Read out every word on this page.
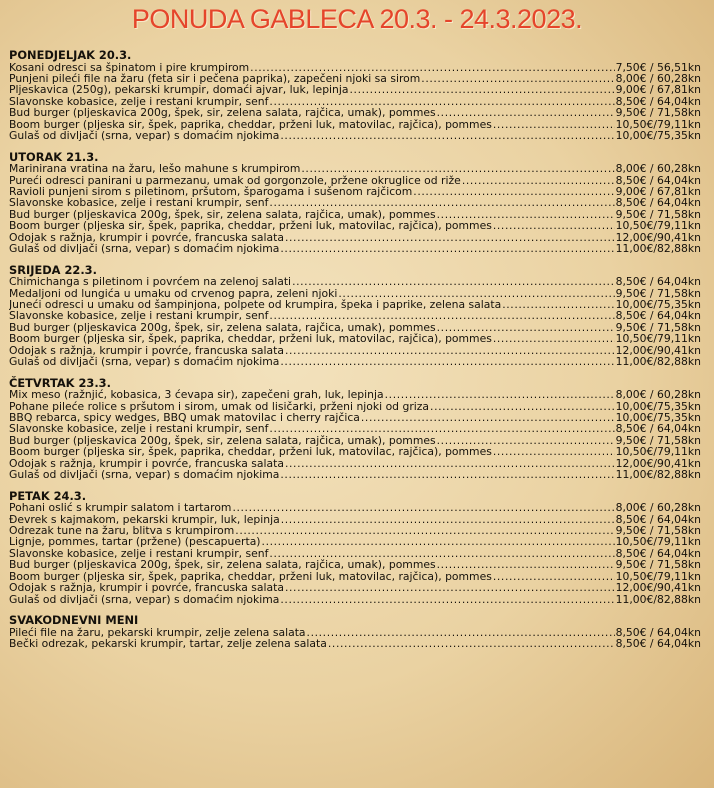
PONUDA GABLECA 20.3. - 24.3.2023.
PONEDJELJAK 20.3.
Kosani odresci sa špinatom i pire krumpirom .....	7,50€ / 56,51kn
Punjeni pileći file na žaru (feta sir i pečena paprika), zapečeni njoki sa sirom .....	8,00€ / 60,28kn
Pljeskavica (250g), pekarski krumpir, domaći ajvar, luk, lepinja .....	9,00€ / 67,81kn
Slavonske kobasice, zelje i restani krumpir, senf .....	8,50€ / 64,04kn
Bud burger (pljeskavica 200g, špek, sir, zelena salata, rajčica, umak), pommes .....	9,50€ / 71,58kn
Boom burger (pljeska sir, špek, paprika, cheddar, prženi luk, matovilac, rajčica), pommes .....	10,50€/79,11kn
Gulaš od divljači (srna, vepar) s domaćim njokima .....	10,00€/75,35kn
UTORAK 21.3.
Marinirana vratina na žaru, lešo mahune s krumpirom .....	8,00€ / 60,28kn
Pureći odresci panirani u parmezanu, umak od gorgonzole, pržene okruglice od riže .....	8,50€ / 64,04kn
Ravioli punjeni sirom s piletinom, pršutom, šparogama i sušenom rajčicom .....	9,00€ / 67,81kn
Slavonske kobasice, zelje i restani krumpir, senf .....	8,50€ / 64,04kn
Bud burger (pljeskavica 200g, špek, sir, zelena salata, rajčica, umak), pommes .....	9,50€ / 71,58kn
Boom burger (pljeska sir, špek, paprika, cheddar, prženi luk, matovilac, rajčica), pommes .....	10,50€/79,11kn
Odojak s ražnja, krumpir i povrće, francuska salata .....	12,00€/90,41kn
Gulaš od divljači (srna, vepar) s domaćim njokima .....	11,00€/82,88kn
SRIJEDA 22.3.
Chimichanga s piletinom i povrćem na zelenoj salati .....	8,50€ / 64,04kn
Medaljoni od lungića u umaku od crvenog papra, zeleni njoki .....	9,50€ / 71,58kn
Juneći odresci u umaku od šampinjona, polpete od krumpira, špeka i paprike, zelena salata .....	10,00€/75,35kn
Slavonske kobasice, zelje i restani krumpir, senf .....	8,50€ / 64,04kn
Bud burger (pljeskavica 200g, špek, sir, zelena salata, rajčica, umak), pommes .....	9,50€ / 71,58kn
Boom burger (pljeska sir, špek, paprika, cheddar, prženi luk, matovilac, rajčica), pommes .....	10,50€/79,11kn
Odojak s ražnja, krumpir i povrće, francuska salata .....	12,00€/90,41kn
Gulaš od divljači (srna, vepar) s domaćim njokima .....	11,00€/82,88kn
ČETVRTAK 23.3.
Mix meso (ražnjić, kobasica, 3 ćevapa sir), zapečeni grah, luk, lepinja .....	8,00€ / 60,28kn
Pohane pileće rolice s pršutom i sirom, umak od lisičarki, prženi njoki od griza .....	10,00€/75,35kn
BBQ rebarca, spicy wedges, BBQ umak matovilac i cherry rajčica .....	10,00€/75,35kn
Slavonske kobasice, zelje i restani krumpir, senf .....	8,50€ / 64,04kn
Bud burger (pljeskavica 200g, špek, sir, zelena salata, rajčica, umak), pommes .....	9,50€ / 71,58kn
Boom burger (pljeska sir, špek, paprika, cheddar, prženi luk, matovilac, rajčica), pommes .....	10,50€/79,11kn
Odojak s ražnja, krumpir i povrće, francuska salata .....	12,00€/90,41kn
Gulaš od divljači (srna, vepar) s domaćim njokima .....	11,00€/82,88kn
PETAK 24.3.
Pohani oslić s krumpir salatom i tartarom .....	8,00€ / 60,28kn
Đevrek s kajmakom, pekarski krumpir, luk, lepinja .....	8,50€ / 64,04kn
Odrezak tune na žaru, blitva s krumpirom .....	9,50€ / 71,58kn
Lignje, pommes, tartar (pržene) (pescapuerta) .....	10,50€/79,11kn
Slavonske kobasice, zelje i restani krumpir, senf .....	8,50€ / 64,04kn
Bud burger (pljeskavica 200g, špek, sir, zelena salata, rajčica, umak), pommes .....	9,50€ / 71,58kn
Boom burger (pljeska sir, špek, paprika, cheddar, prženi luk, matovilac, rajčica), pommes .....	10,50€/79,11kn
Odojak s ražnja, krumpir i povrće, francuska salata .....	12,00€/90,41kn
Gulaš od divljači (srna, vepar) s domaćim njokima .....	11,00€/82,88kn
SVAKODNEVNI MENI
Pileći file na žaru, pekarski krumpir, zelje zelena salata .....	8,50€ / 64,04kn
Bečki odrezak, pekarski krumpir, tartar, zelje zelena salata .....	8,50€ / 64,04kn
